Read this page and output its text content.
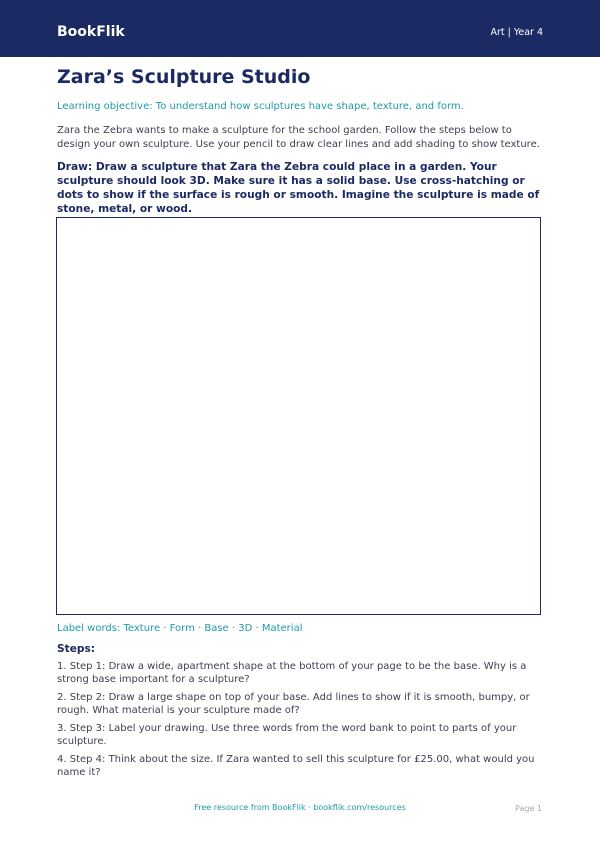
BookFlik	Art | Year 4
Zara’s Sculpture Studio
Learning objective: To understand how sculptures have shape, texture, and form.
Zara the Zebra wants to make a sculpture for the school garden. Follow the steps below to design your own sculpture. Use your pencil to draw clear lines and add shading to show texture.
Draw: Draw a sculpture that Zara the Zebra could place in a garden. Your sculpture should look 3D. Make sure it has a solid base. Use cross-hatching or dots to show if the surface is rough or smooth. Imagine the sculpture is made of stone, metal, or wood.
Label words: Texture · Form · Base · 3D · Material
Steps:
1. Step 1: Draw a wide, apartment shape at the bottom of your page to be the base. Why is a strong base important for a sculpture?
2. Step 2: Draw a large shape on top of your base. Add lines to show if it is smooth, bumpy, or rough. What material is your sculpture made of?
3. Step 3: Label your drawing. Use three words from the word bank to point to parts of your sculpture.
4. Step 4: Think about the size. If Zara wanted to sell this sculpture for £25.00, what would you name it?
Free resource from BookFlik · bookflik.com/resources	Page 1
